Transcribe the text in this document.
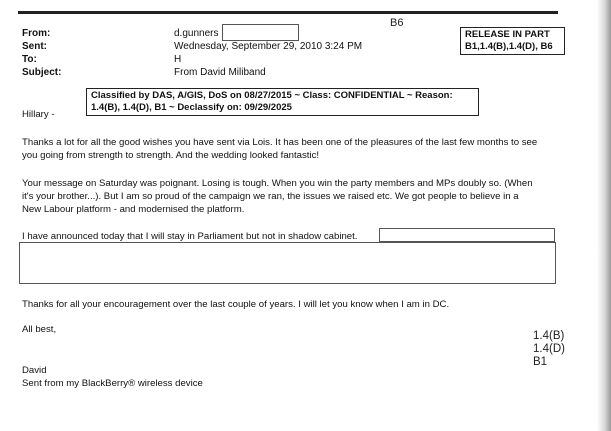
From:	d.gunners
Sent:	Wednesday, September 29, 2010 3:24 PM
To:	H
Subject:	From David Miliband
B6
RELEASE IN PART
B1,1.4(B),1.4(D), B6
Classified by DAS, A/GIS, DoS on 08/27/2015 ~ Class: CONFIDENTIAL ~ Reason:
1.4(B), 1.4(D), B1 ~ Declassify on: 09/29/2025
Hillary -
Thanks a lot for all the good wishes you have sent via Lois. It has been one of the pleasures of the last few months to see
you going from strength to strength. And the wedding looked fantastic!
Your message on Saturday was poignant. Losing is tough. When you win the party members and MPs doubly so. (When
it's your brother...). But I am so proud of the campaign we ran, the issues we raised etc. We got people to believe in a
New Labour platform - and modernised the platform.
I have announced today that I will stay in Parliament but not in shadow cabinet.
Thanks for all your encouragement over the last couple of years. I will let you know when I am in DC.
All best,
1.4(B)
1.4(D)
B1
David
Sent from my BlackBerry® wireless device
